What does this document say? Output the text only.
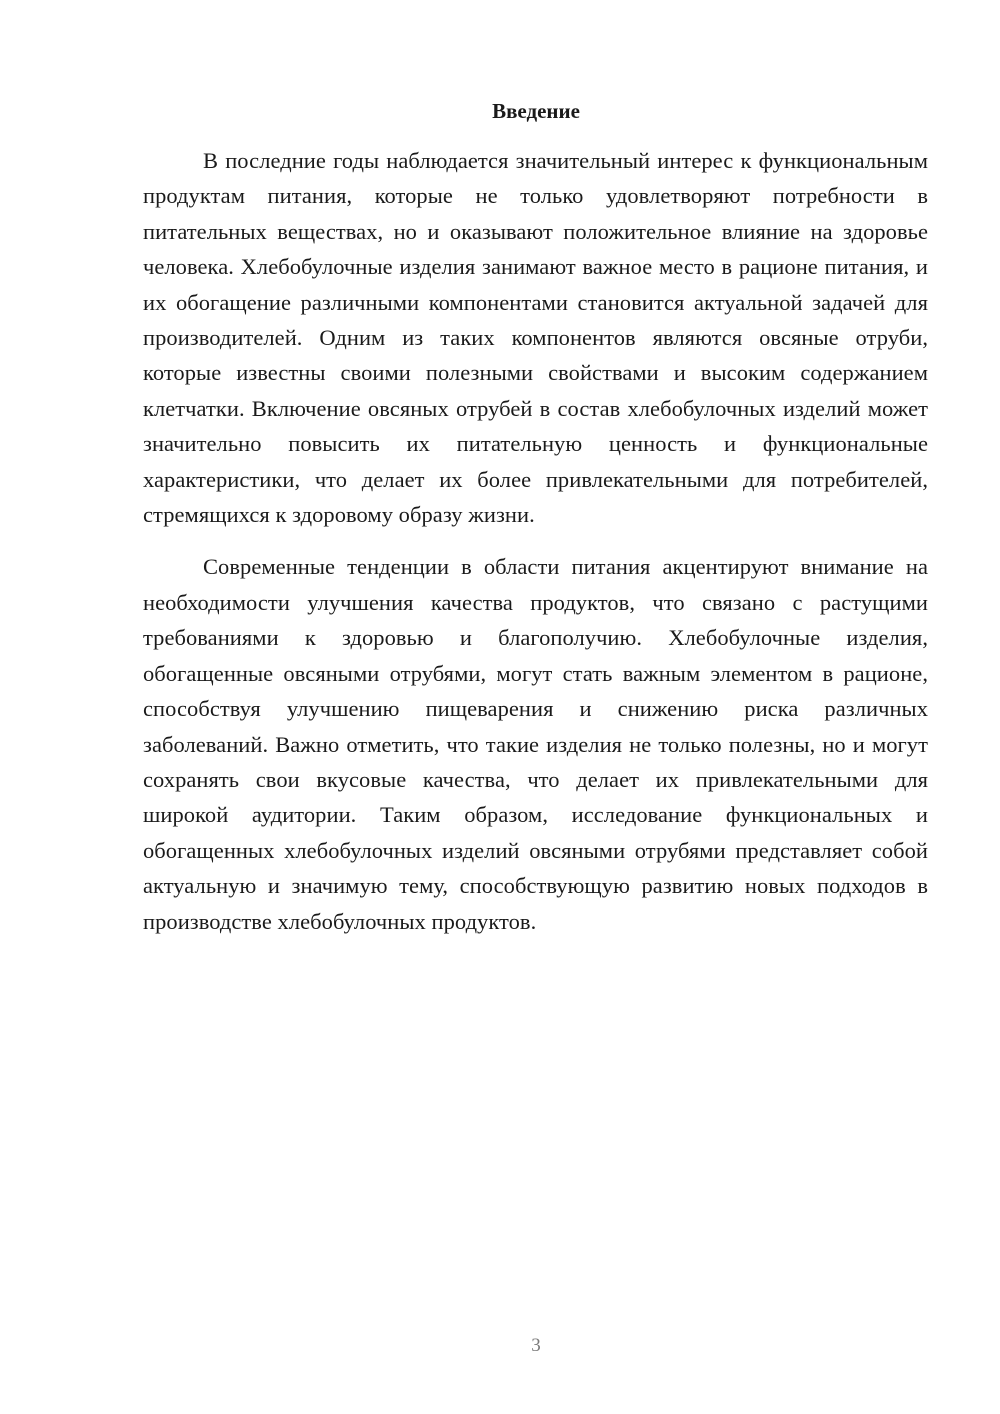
Введение

В последние годы наблюдается значительный интерес к функциональным продуктам питания, которые не только удовлетворяют потребности в питательных веществах, но и оказывают положительное влияние на здоровье человека. Хлебобулочные изделия занимают важное место в рационе питания, и их обогащение различными компонентами становится актуальной задачей для производителей. Одним из таких компонентов являются овсяные отруби, которые известны своими полезными свойствами и высоким содержанием клетчатки. Включение овсяных отрубей в состав хлебобулочных изделий может значительно повысить их питательную ценность и функциональные характеристики, что делает их более привлекательными для потребителей, стремящихся к здоровому образу жизни.

Современные тенденции в области питания акцентируют внимание на необходимости улучшения качества продуктов, что связано с растущими требованиями к здоровью и благополучию. Хлебобулочные изделия, обогащенные овсяными отрубями, могут стать важным элементом в рационе, способствуя улучшению пищеварения и снижению риска различных заболеваний. Важно отметить, что такие изделия не только полезны, но и могут сохранять свои вкусовые качества, что делает их привлекательными для широкой аудитории. Таким образом, исследование функциональных и обогащенных хлебобулочных изделий овсяными отрубями представляет собой актуальную и значимую тему, способствующую развитию новых подходов в производстве хлебобулочных продуктов.

3
